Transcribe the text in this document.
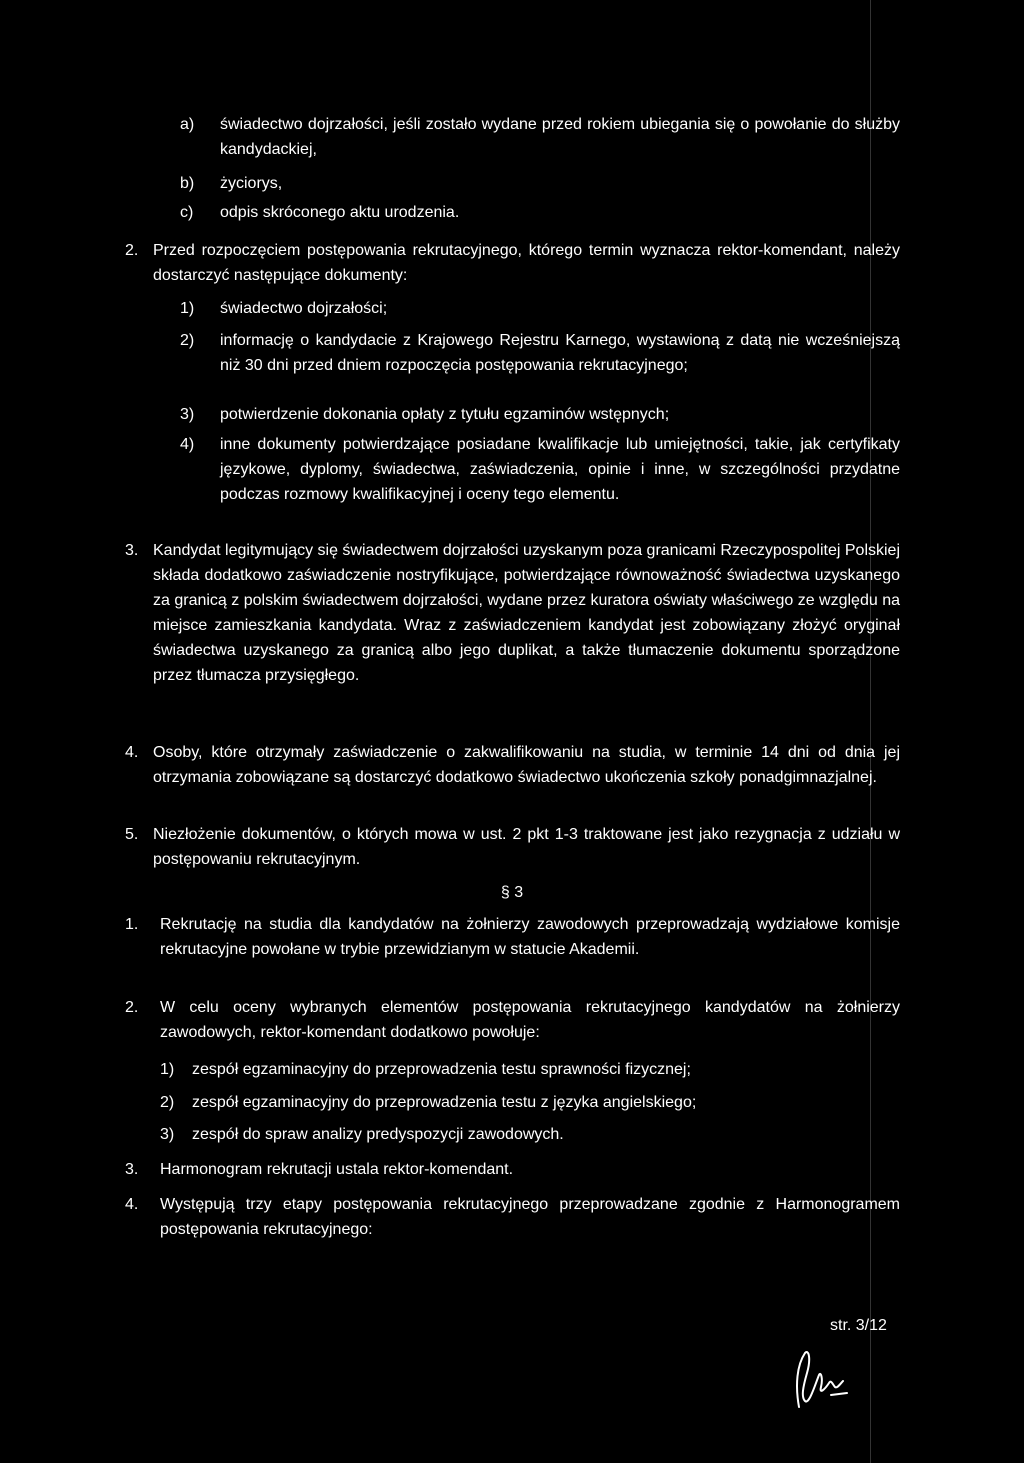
a)	świadectwo dojrzałości, jeśli zostało wydane przed rokiem ubiegania się o powołanie do służby kandydackiej,
b)	życiorys,
c)	odpis skróconego aktu urodzenia.
2. Przed rozpoczęciem postępowania rekrutacyjnego, którego termin wyznacza rektor-komendant, należy dostarczyć następujące dokumenty:
1)	świadectwo dojrzałości;
2)	informację o kandydacie z Krajowego Rejestru Karnego, wystawioną z datą nie wcześniejszą niż 30 dni przed dniem rozpoczęcia postępowania rekrutacyjnego;
3)	potwierdzenie dokonania opłaty z tytułu egzaminów wstępnych;
4)	inne dokumenty potwierdzające posiadane kwalifikacje lub umiejętności, takie, jak certyfikaty językowe, dyplomy, świadectwa, zaświadczenia, opinie i inne, w szczególności przydatne podczas rozmowy kwalifikacyjnej i oceny tego elementu.
3. Kandydat legitymujący się świadectwem dojrzałości uzyskanym poza granicami Rzeczypospolitej Polskiej składa dodatkowo zaświadczenie nostryfikujące, potwierdzające równoważność świadectwa uzyskanego za granicą z polskim świadectwem dojrzałości, wydane przez kuratora oświaty właściwego ze względu na miejsce zamieszkania kandydata. Wraz z zaświadczeniem kandydat jest zobowiązany złożyć oryginał świadectwa uzyskanego za granicą albo jego duplikat, a także tłumaczenie dokumentu sporządzone przez tłumacza przysięgłego.
4. Osoby, które otrzymały zaświadczenie o zakwalifikowaniu na studia, w terminie 14 dni od dnia jej otrzymania zobowiązane są dostarczyć dodatkowo świadectwo ukończenia szkoły ponadgimnazjalnej.
5. Niezłożenie dokumentów, o których mowa w ust. 2 pkt 1-3 traktowane jest jako rezygnacja z udziału w postępowaniu rekrutacyjnym.
§ 3
1.	Rekrutację na studia dla kandydatów na żołnierzy zawodowych przeprowadzają wydziałowe komisje rekrutacyjne powołane w trybie przewidzianym w statucie Akademii.
2.	W celu oceny wybranych elementów postępowania rekrutacyjnego kandydatów na żołnierzy zawodowych, rektor-komendant dodatkowo powołuje:
1)	zespół egzaminacyjny do przeprowadzenia testu sprawności fizycznej;
2)	zespół egzaminacyjny do przeprowadzenia testu z języka angielskiego;
3)	zespół do spraw analizy predyspozycji zawodowych.
3.	Harmonogram rekrutacji ustala rektor-komendant.
4.	Występują trzy etapy postępowania rekrutacyjnego przeprowadzane zgodnie z Harmonogramem postępowania rekrutacyjnego:
str. 3/12
